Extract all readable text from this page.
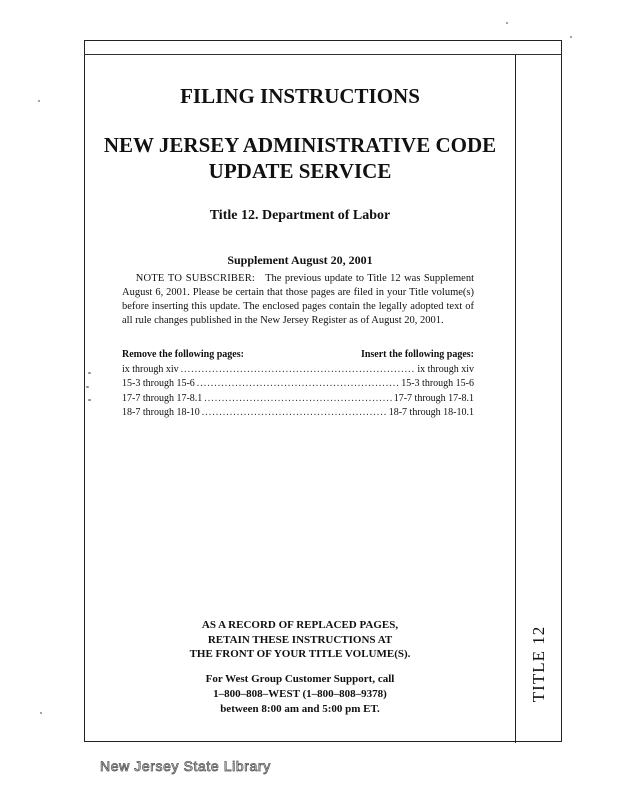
FILING INSTRUCTIONS
NEW JERSEY ADMINISTRATIVE CODE
UPDATE SERVICE
Title 12. Department of Labor
Supplement August 20, 2001
NOTE TO SUBSCRIBER: The previous update to Title 12 was Supplement August 6, 2001. Please be certain that those pages are filed in your Title volume(s) before inserting this update. The enclosed pages contain the legally adopted text of all rule changes published in the New Jersey Register as of August 20, 2001.
Remove the following pages:	Insert the following pages:
ix through xiv .....	ix through xiv
15-3 through 15-6 .....	15-3 through 15-6
17-7 through 17-8.1 .....	17-7 through 17-8.1
18-7 through 18-10 .....	18-7 through 18-10.1
AS A RECORD OF REPLACED PAGES,
RETAIN THESE INSTRUCTIONS AT
THE FRONT OF YOUR TITLE VOLUME(S).
For West Group Customer Support, call
1–800–808–WEST (1–800–808–9378)
between 8:00 am and 5:00 pm ET.
TITLE 12
New Jersey State Library
